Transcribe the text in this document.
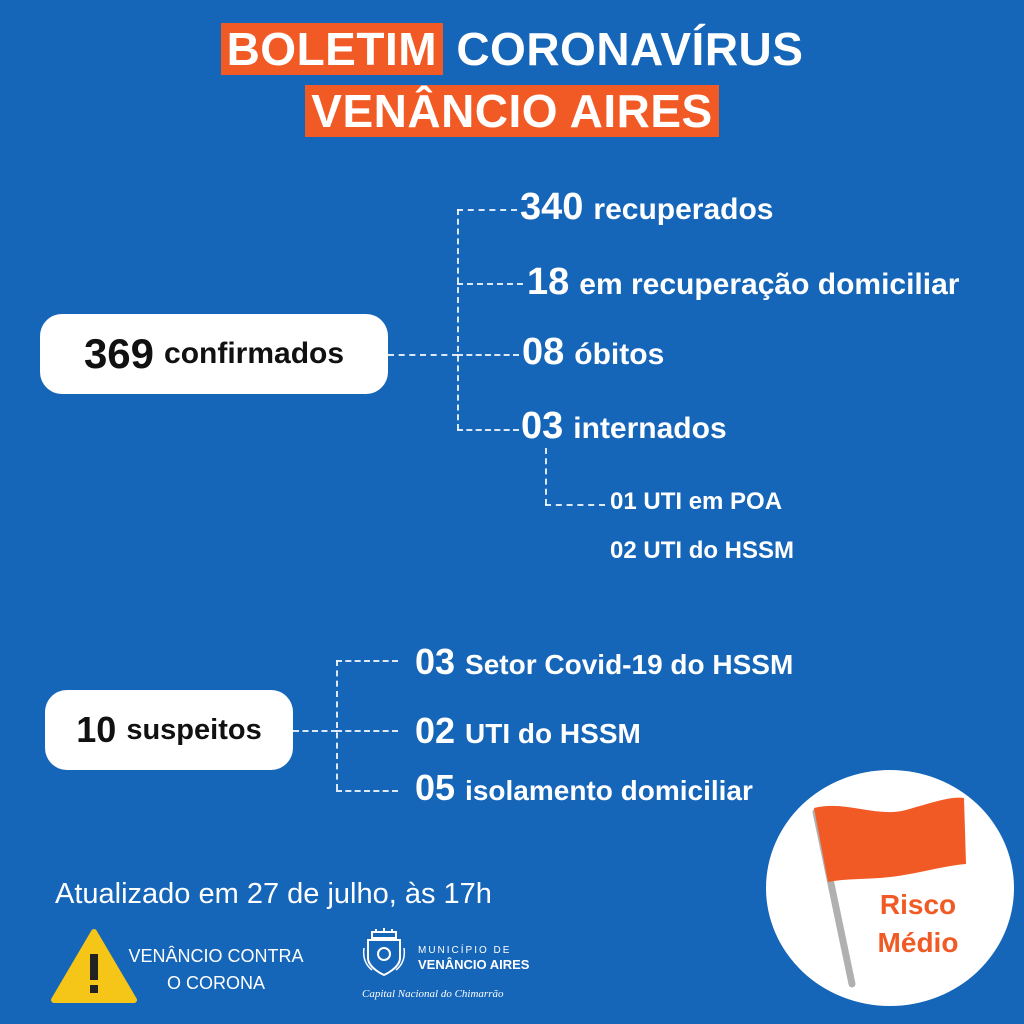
BOLETIM CORONAVÍRUS
VENÂNCIO AIRES
369 confirmados
340 recuperados
18 em recuperação domiciliar
08 óbitos
03 internados
01 UTI em POA
02 UTI do HSSM
10 suspeitos
03 Setor Covid-19 do HSSM
02 UTI do HSSM
05 isolamento domiciliar
Atualizado em 27 de julho, às 17h	Risco
Médio
VENÂNCIO CONTRA
O CORONA
MUNICÍPIO DE
VENÂNCIO AIRES
Capital Nacional do Chimarrão
